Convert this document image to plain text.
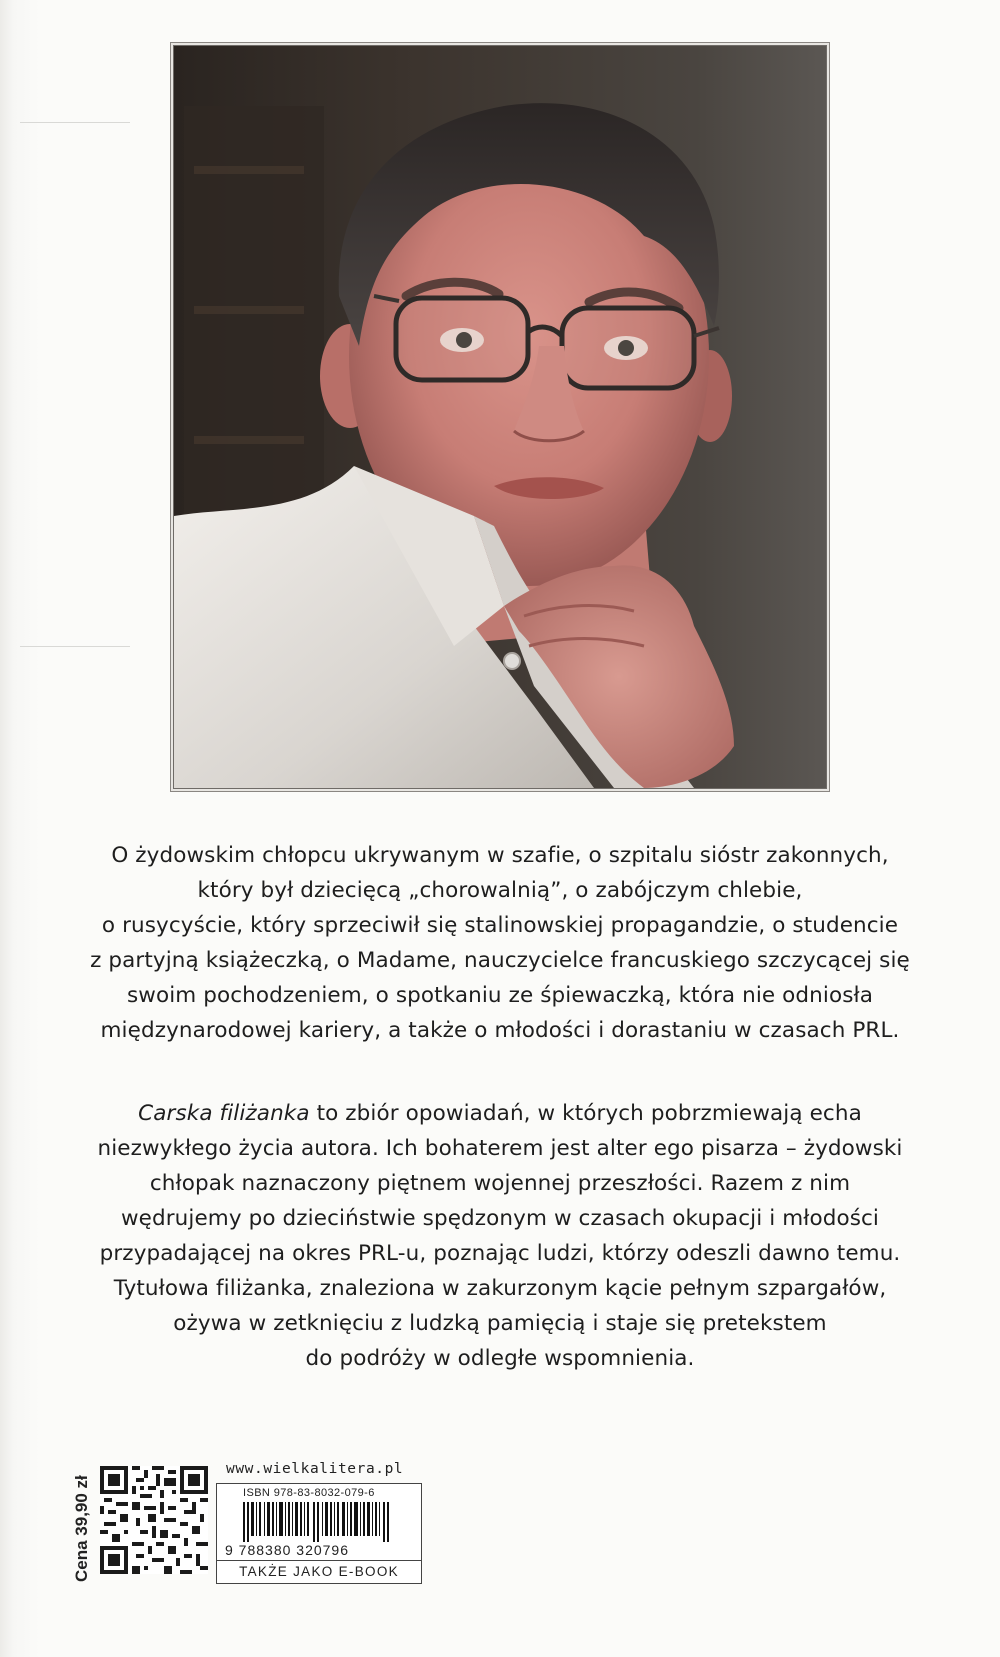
O żydowskim chłopcu ukrywanym w szafie, o szpitalu sióstr zakonnych,
który był dziecięcą „chorowalnią”, o zabójczym chlebie,
o rusycyście, który sprzeciwił się stalinowskiej propagandzie, o studencie
z partyjną książeczką, o Madame, nauczycielce francuskiego szczycącej się
swoim pochodzeniem, o spotkaniu ze śpiewaczką, która nie odniosła
międzynarodowej kariery, a także o młodości i dorastaniu w czasach PRL.
Carska filiżanka to zbiór opowiadań, w których pobrzmiewają echa
niezwykłego życia autora. Ich bohaterem jest alter ego pisarza – żydowski
chłopak naznaczony piętnem wojennej przeszłości. Razem z nim
wędrujemy po dzieciństwie spędzonym w czasach okupacji i młodości
przypadającej na okres PRL-u, poznając ludzi, którzy odeszli dawno temu.
Tytułowa filiżanka, znaleziona w zakurzonym kącie pełnym szpargałów,
ożywa w zetknięciu z ludzką pamięcią i staje się pretekstem
do podróży w odległe wspomnienia.
Cena 39,90 zł
www.wielkalitera.pl
ISBN 978-83-8032-079-6
9 788380 320796
TAKŻE JAKO E-BOOK
